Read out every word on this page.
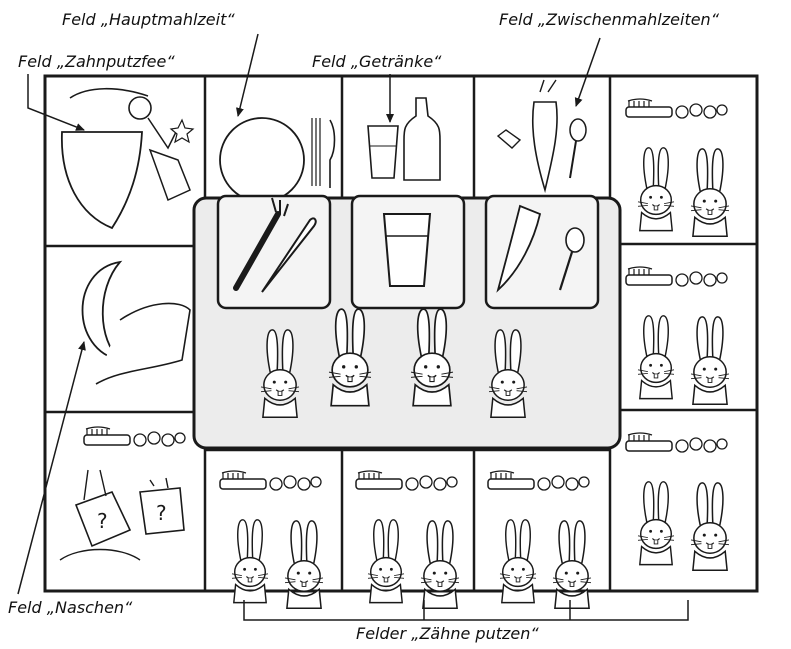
Feld „Hauptmahlzeit“	Feld „Zwischenmahlzeiten“
Feld „Zahnputzfee“	Feld „Getränke“
Feld „Naschen“
Felder „Zähne putzen“
? ?
